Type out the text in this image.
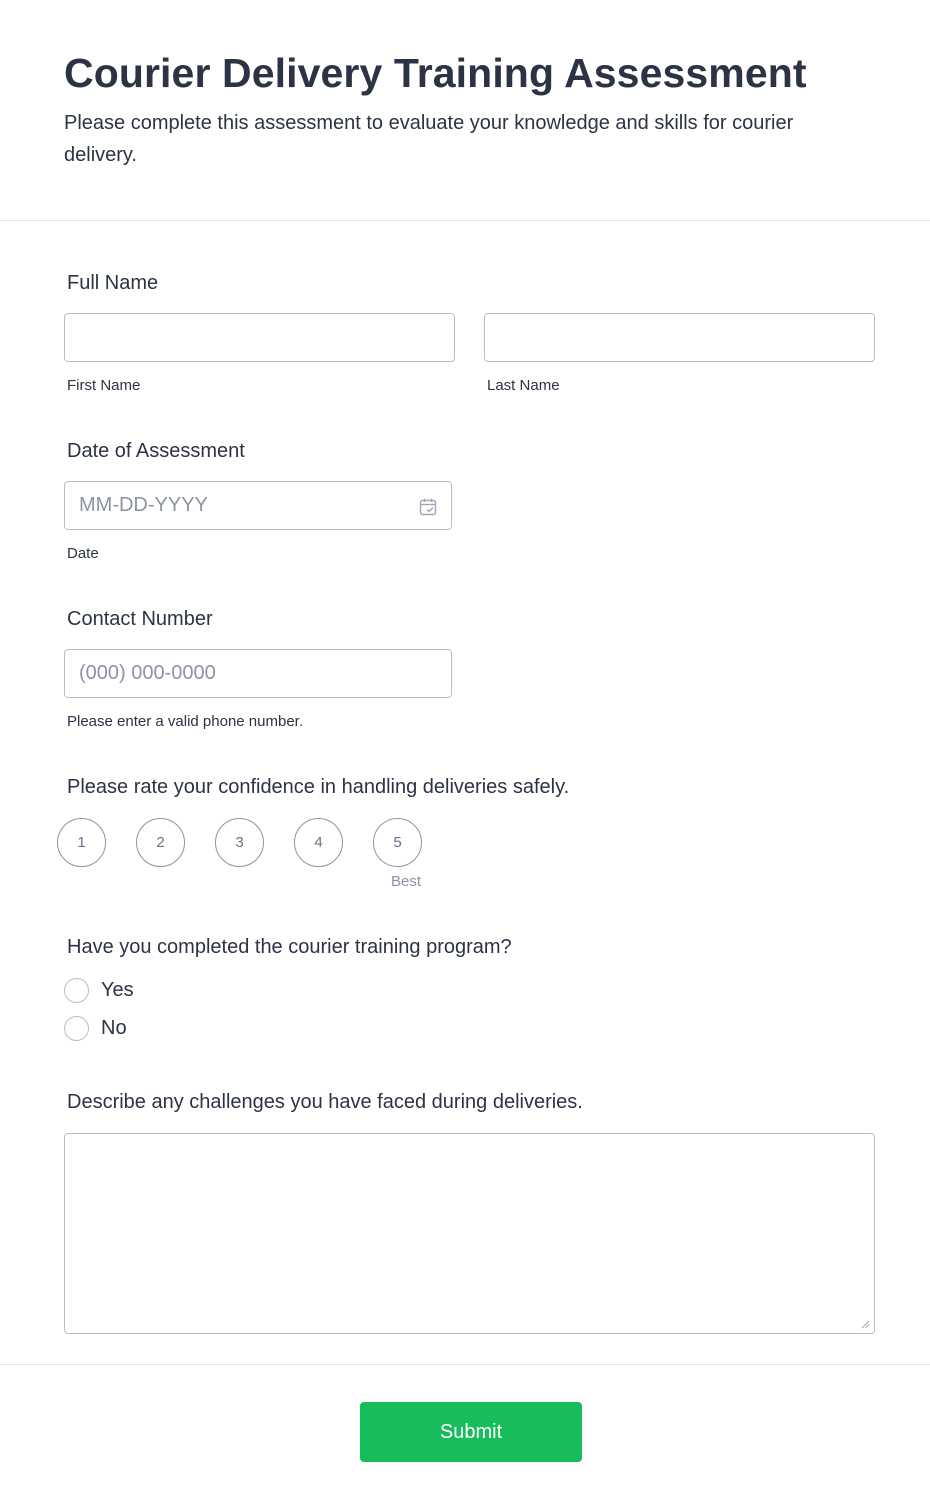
Courier Delivery Training Assessment

Please complete this assessment to evaluate your knowledge and skills for courier delivery.

Full Name
First Name	Last Name
Date of Assessment
MM-DD-YYYY
Date
Contact Number
(000) 000-0000
Please enter a valid phone number.
Please rate your confidence in handling deliveries safely.
1	2	3	4	5
Best
Have you completed the courier training program?
Yes
No
Describe any challenges you have faced during deliveries.
Submit
